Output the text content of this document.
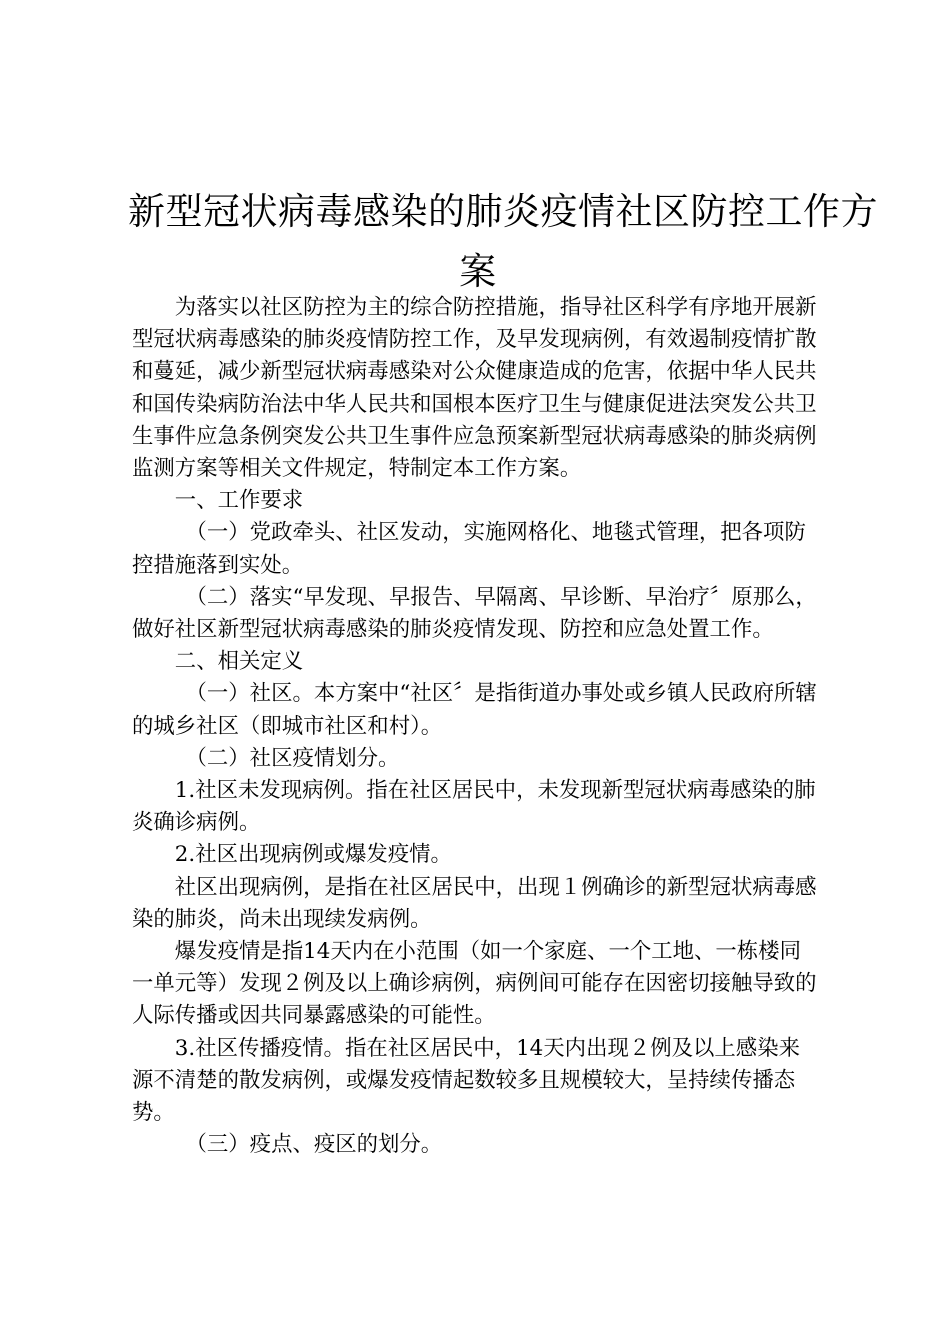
新型冠状病毒感染的肺炎疫情社区防控工作方
案

为落实以社区防控为主的综合防控措施，指导社区科学有序地开展新型冠状病毒感染的肺炎疫情防控工作，及早发现病例，有效遏制疫情扩散和蔓延，减少新型冠状病毒感染对公众健康造成的危害，依据中华人民共和国传染病防治法中华人民共和国根本医疗卫生与健康促进法突发公共卫生事件应急条例突发公共卫生事件应急预案新型冠状病毒感染的肺炎病例监测方案等相关文件规定，特制定本工作方案。

一、工作要求

（一）党政牵头、社区发动，实施网格化、地毯式管理，把各项防控措施落到实处。

（二）落实“早发现、早报告、早隔离、早诊断、早治疗〞原那么，做好社区新型冠状病毒感染的肺炎疫情发现、防控和应急处置工作。

二、相关定义

（一）社区。本方案中“社区〞是指街道办事处或乡镇人民政府所辖的城乡社区（即城市社区和村）。

（二）社区疫情划分。

1.社区未发现病例。指在社区居民中，未发现新型冠状病毒感染的肺炎确诊病例。

2.社区出现病例或爆发疫情。

社区出现病例，是指在社区居民中，出现１例确诊的新型冠状病毒感染的肺炎，尚未出现续发病例。

爆发疫情是指14天内在小范围（如一个家庭、一个工地、一栋楼同一单元等）发现２例及以上确诊病例，病例间可能存在因密切接触导致的人际传播或因共同暴露感染的可能性。

3.社区传播疫情。指在社区居民中，14天内出现２例及以上感染来源不清楚的散发病例，或爆发疫情起数较多且规模较大，呈持续传播态势。

（三）疫点、疫区的划分。
